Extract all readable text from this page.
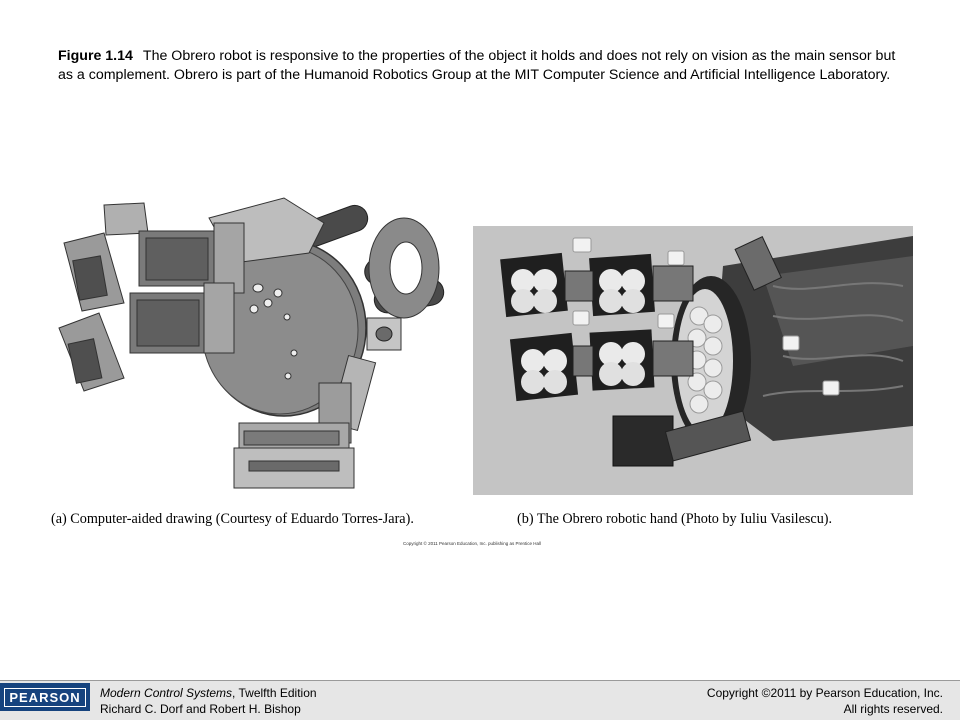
Figure 1.14 The Obrero robot is responsive to the properties of the object it holds and does not rely on vision as the main sensor but as a complement. Obrero is part of the Humanoid Robotics Group at the MIT Computer Science and Artificial Intelligence Laboratory.
(a) Computer-aided drawing (Courtesy of Eduardo Torres-Jara).	(b) The Obrero robotic hand (Photo by Iuliu Vasilescu).
Copyright © 2011 Pearson Education, Inc. publishing as Prentice Hall
PEARSON	Modern Control Systems, Twelfth Edition
Richard C. Dorf and Robert H. Bishop
Copyright ©2011 by Pearson Education, Inc.
All rights reserved.
